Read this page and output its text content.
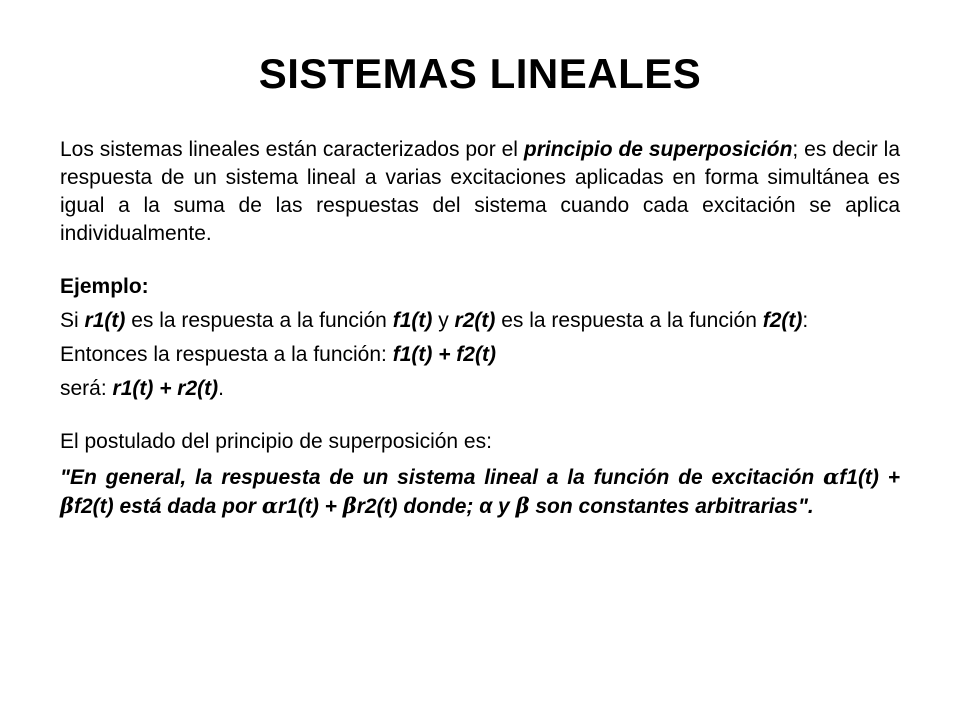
SISTEMAS LINEALES

Los sistemas lineales están caracterizados por el principio de superposición; es decir la respuesta de un sistema lineal a varias excitaciones aplicadas en forma simultánea es igual a la suma de las respuestas del sistema cuando cada excitación se aplica individualmente.

Ejemplo:

Si r1(t) es la respuesta a la función f1(t) y r2(t) es la respuesta a la función f2(t):

Entonces la respuesta a la función: f1(t) + f2(t)

será: r1(t) + r2(t).

El postulado del principio de superposición es:

"En general, la respuesta de un sistema lineal a la función de excitación αf1(t) + βf2(t) está dada por αr1(t) + βr2(t) donde; α y β son constantes arbitrarias".
